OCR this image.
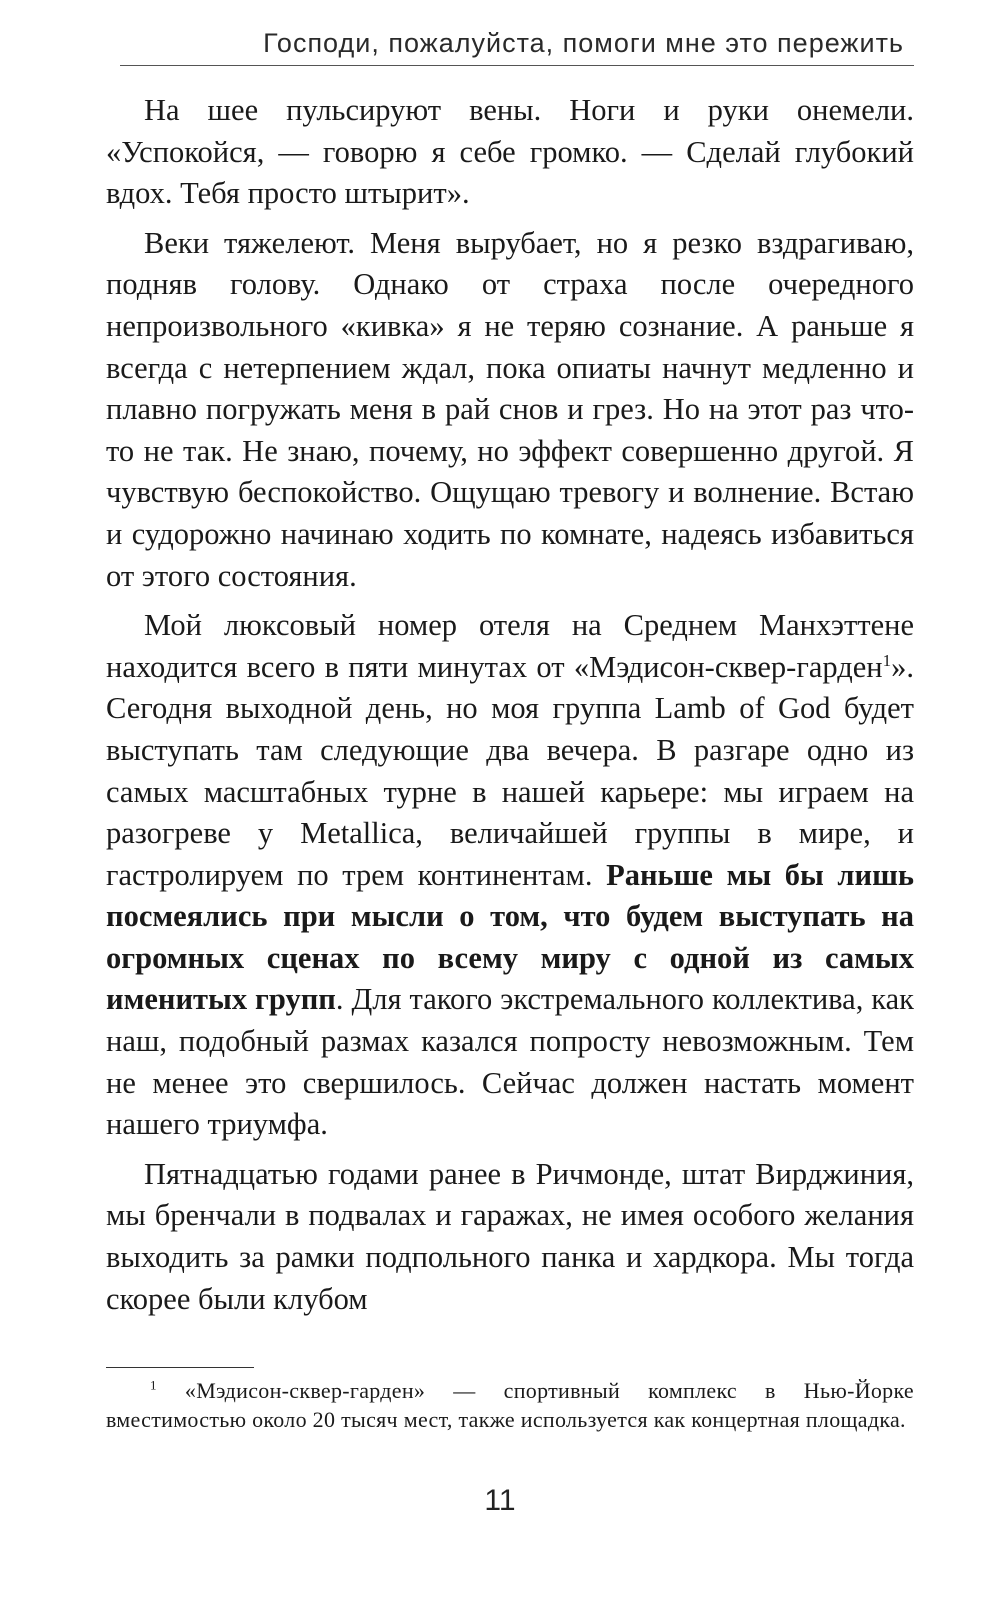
Господи, пожалуйста, помоги мне это пережить

На шее пульсируют вены. Ноги и руки онемели. «Успокойся, — говорю я себе громко. — Сделай глубокий вдох. Тебя просто штырит».

Веки тяжелеют. Меня вырубает, но я резко вздрагиваю, подняв голову. Однако от страха после очередного непроизвольного «кивка» я не теряю сознание. А раньше я всегда с нетерпением ждал, пока опиаты начнут медленно и плавно погружать меня в рай снов и грез. Но на этот раз что-то не так. Не знаю, почему, но эффект совершенно другой. Я чувствую беспокойство. Ощущаю тревогу и волнение. Встаю и судорожно начинаю ходить по комнате, надеясь избавиться от этого состояния.

Мой люксовый номер отеля на Среднем Манхэттене находится всего в пяти минутах от «Мэдисон-сквер-гарден$^1$». Сегодня выходной день, но моя группа Lamb of God будет выступать там следующие два вечера. В разгаре одно из самых масштабных турне в нашей карьере: мы играем на разогреве у Metallica, величайшей группы в мире, и гастролируем по трем континентам. Раньше мы бы лишь посмеялись при мысли о том, что будем выступать на огромных сценах по всему миру с одной из самых именитых групп. Для такого экстремального коллектива, как наш, подобный размах казался попросту невозможным. Тем не менее это свершилось. Сейчас должен настать момент нашего триумфа.

Пятнадцатью годами ранее в Ричмонде, штат Вирджиния, мы бренчали в подвалах и гаражах, не имея особого желания выходить за рамки подпольного панка и хардкора. Мы тогда скорее были клубом

$^1$ «Мэдисон-сквер-гарден» — спортивный комплекс в Нью-Йорке вместимостью около 20 тысяч мест, также используется как концертная площадка.

11
